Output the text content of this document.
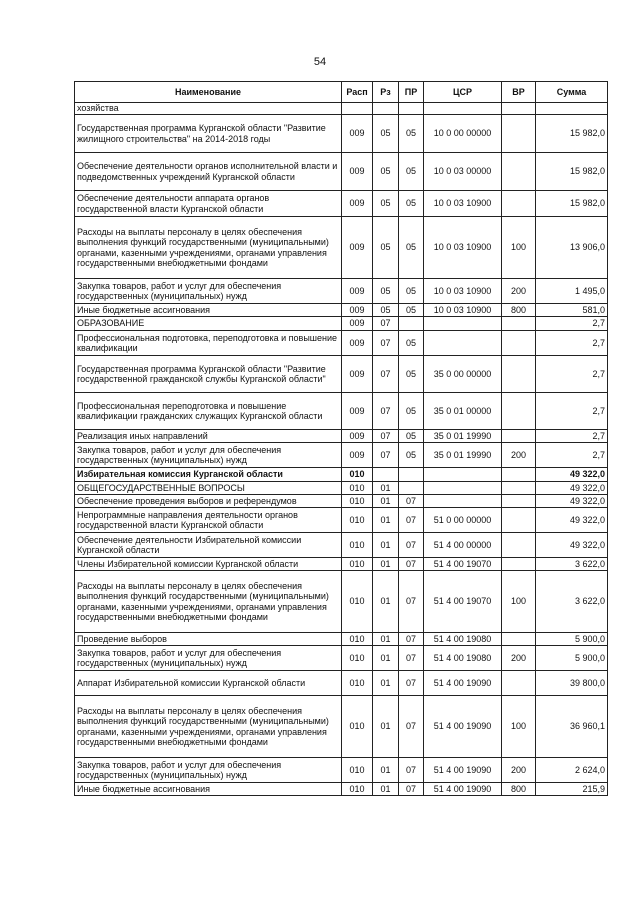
54
Наименование	Расп	Рз	ПР	ЦСР	ВР	Сумма
хозяйства						
Государственная программа Курганской области "Развитие жилищного строительства" на 2014-2018 годы	009	05	05	10 0 00 00000		15 982,0
Обеспечение деятельности органов исполнительной власти и подведомственных учреждений Курганской области	009	05	05	10 0 03 00000		15 982,0
Обеспечение деятельности аппарата органов государственной власти Курганской области	009	05	05	10 0 03 10900		15 982,0
Расходы на выплаты персоналу в целях обеспечения выполнения функций государственными (муниципальными) органами, казенными учреждениями, органами управления государственными внебюджетными фондами	009	05	05	10 0 03 10900	100	13 906,0
Закупка товаров, работ и услуг для обеспечения государственных (муниципальных) нужд	009	05	05	10 0 03 10900	200	1 495,0
Иные бюджетные ассигнования	009	05	05	10 0 03 10900	800	581,0
ОБРАЗОВАНИЕ	009	07				2,7
Профессиональная подготовка, переподготовка и повышение квалификации	009	07	05			2,7
Государственная программа Курганской области "Развитие государственной гражданской службы Курганской области"	009	07	05	35 0 00 00000		2,7
Профессиональная переподготовка и повышение квалификации гражданских служащих Курганской области	009	07	05	35 0 01 00000		2,7
Реализация иных направлений	009	07	05	35 0 01 19990		2,7
Закупка товаров, работ и услуг для обеспечения государственных (муниципальных) нужд	009	07	05	35 0 01 19990	200	2,7
Избирательная комиссия Курганской области	010					49 322,0
ОБЩЕГОСУДАРСТВЕННЫЕ ВОПРОСЫ	010	01				49 322,0
Обеспечение проведения выборов и референдумов	010	01	07			49 322,0
Непрограммные направления деятельности органов государственной власти Курганской области	010	01	07	51 0 00 00000		49 322,0
Обеспечение деятельности Избирательной комиссии Курганской области	010	01	07	51 4 00 00000		49 322,0
Члены Избирательной комиссии Курганской области	010	01	07	51 4 00 19070		3 622,0
Расходы на выплаты персоналу в целях обеспечения выполнения функций государственными (муниципальными) органами, казенными учреждениями, органами управления государственными внебюджетными фондами	010	01	07	51 4 00 19070	100	3 622,0
Проведение выборов	010	01	07	51 4 00 19080		5 900,0
Закупка товаров, работ и услуг для обеспечения государственных (муниципальных) нужд	010	01	07	51 4 00 19080	200	5 900,0
Аппарат Избирательной комиссии Курганской области	010	01	07	51 4 00 19090		39 800,0
Расходы на выплаты персоналу в целях обеспечения выполнения функций государственными (муниципальными) органами, казенными учреждениями, органами управления государственными внебюджетными фондами	010	01	07	51 4 00 19090	100	36 960,1
Закупка товаров, работ и услуг для обеспечения государственных (муниципальных) нужд	010	01	07	51 4 00 19090	200	2 624,0
Иные бюджетные ассигнования	010	01	07	51 4 00 19090	800	215,9
